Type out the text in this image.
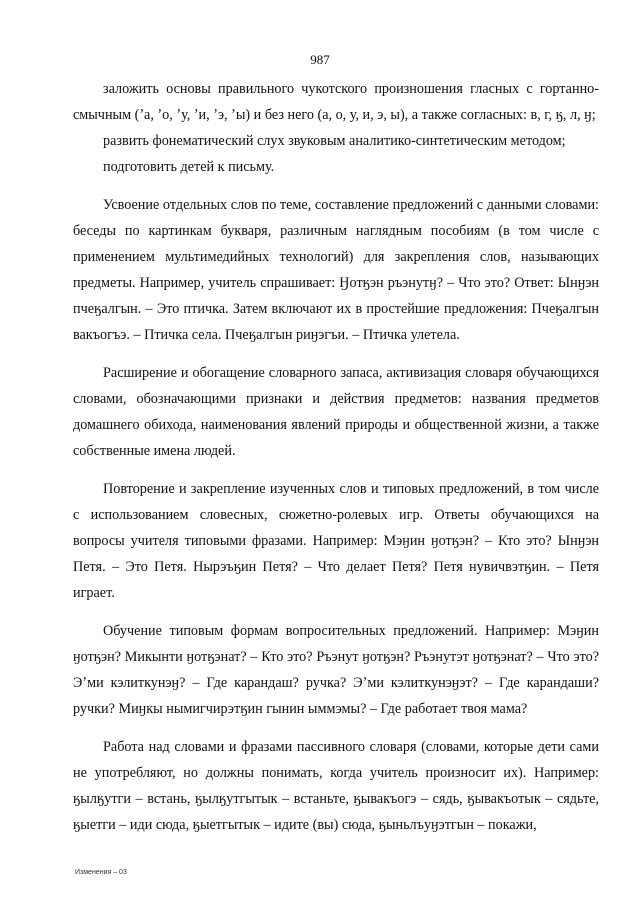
987

заложить основы правильного чукотского произношения гласных с гортанно-смычным (ʼа, ʼо, ʼу, ʼи, ʼэ, ʼы) и без него (а, о, у, и, э, ы), а также согласных: в, г, ӄ, л, ӈ;

развить фонематический слух звуковым аналитико-синтетическим методом;

подготовить детей к письму.

Усвоение отдельных слов по теме, составление предложений с данными словами: беседы по картинкам букваря, различным наглядным пособиям (в том числе с применением мультимедийных технологий) для закрепления слов, называющих предметы. Например, учитель спрашивает: Ӈотӄэн ръэнутӈ? – Что это? Ответ: Ынӈэн пчеӄалгын. – Это птичка. Затем включают их в простейшие предложения: Пчеӄалгын вакъогъэ. – Птичка села. Пчеӄалгын риӈэгъи. – Птичка улетела.

Расширение и обогащение словарного запаса, активизация словаря обучающихся словами, обозначающими признаки и действия предметов: названия предметов домашнего обихода, наименования явлений природы и общественной жизни, а также собственные имена людей.

Повторение и закрепление изученных слов и типовых предложений, в том числе с использованием словесных, сюжетно-ролевых игр. Ответы обучающихся на вопросы учителя типовыми фразами. Например: Мэӈин ӈотӄэн? – Кто это? Ынӈэн Петя. – Это Петя. Нырэъӄин Петя? – Что делает Петя? Петя нувичвэтӄин. – Петя играет.

Обучение типовым формам вопросительных предложений. Например: Мэӈин ӈотӄэн? Микынти ӈотӄэнат? – Кто это? Ръэнут ӈотӄэн? Ръэнутэт ӈотӄэнат? – Что это? Эʼми кэлиткунэӈ? – Где карандаш? ручка? Эʼми кэлиткунэӈэт? – Где карандаши? ручки? Миӈкы нымигчирэтӄин гынин ыммэмы? – Где работает твоя мама?

Работа над словами и фразами пассивного словаря (словами, которые дети сами не употребляют, но должны понимать, когда учитель произносит их). Например: ӄылӄутги – встань, ӄылӄутгытык – встаньте, ӄывакъогэ – сядь, ӄывакъотык – сядьте, ӄыетги – иди сюда, ӄыетгытык – идите (вы) сюда, ӄыньлъуӈэтгын – покажи,

Изменения – 03
